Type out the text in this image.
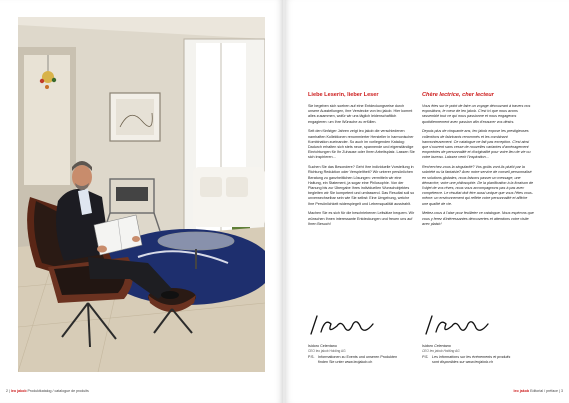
2 | leo jakob Produktkatalog / catalogue de produits
Liebe Leserin, lieber Leser

Sie begeben sich soeben auf eine Entdeckungsreise durch unsere Ausstellungen, ihre Verstecke von leo jakob. Hier kommt alles zusammen, wofür wir uns täglich leidenschaftlich engagieren: um Ihre Wünsche zu erfüllen.

Seit den fünfziger Jahren zeigt leo jakob die verschiedenen namhaften Kollektionen renommierter Hersteller in harmonischer Kombination zueinander. So auch im vorliegenden Katalog: Dadurch erhalten sich stets neue, spannende und eigenständige Einrichtungen für Ihr Zuhause oder Ihren Arbeitsplatz. Lassen Sie sich inspirieren…

Suchen Sie das Besondere? Geht Ihre individuelle Vorstellung in Richtung Reduktion oder Verspieltheit? Wir unterer persönlichen Beratung zu ganzheitlichen Lösungen: vermitteln wir eine Haltung, ein Statement, ja sogar eine Philosophie. Von der Planung bis zur Übergabe Ihres individuellen Wunschobjektes begleiten wir Sie kompetent und umfassend. Das Resultat soll so unverwechselbar sein wie Sie selbst: Eine Umgebung, welche Ihre Persönlichkeit widerspiegelt und Lebensqualität ausstrahlt.

Machen Sie es sich für die beschriebenen Leitsätze bequem. Wir wünschen Ihnen interessante Entdeckungen und freuen uns auf Ihren Besuch!

Chère lectrice, cher lecteur

Vous êtes sur le point de faire un voyage découvrant à travers nos expositions, le cœur de leo jakob. C'est ici que nous avons rassemblé tout ce qui nous passionne et nous engageons quotidiennement avec passion afin d'exaucer vos désirs.

Depuis plus de cinquante ans, leo jakob expose les prestigieuses collections de fabricants renommés et les combinant harmonieusement. Ce catalogue ne fait pas exception. C'est ainsi que s'ouvrent sans cesse de nouvelles variantes d'aménagement empreintes de personnalité et d'originalité pour votre lieu de vie ou votre bureau. Laissez venir l'inspiration…

Recherchez-vous la singularité? Vos goûts vont-ils plutôt par la sobriété ou la fantaisie? Avec notre service de conseil personnalisé en solutions globales, nous faisons passer un message, une démarche, voire une philosophie. De la planification à la livraison de l'objet de vos rêves, nous vous accompagnons pas à pas avec compétence. Le résultat doit être aussi unique que vous l'êtes vous-même: un environnement qui reflète votre personnalité et affiche une qualité de vie.

Mettez-vous à l'aise pour feuilleter ce catalogue. Nous espérons que vous y ferez d'intéressantes découvertes et attendons votre visite avec plaisir!

Isidoro Celentano
CEO leo jakob Holding AG
Isidoro Celentano
CEO leo jakob Holding AG
P.S. Informationen zu Events und unseren Produkten finden Sie unter www.leojakob.ch
P.S. Les informations sur les événements et produits sont disponibles sur www.leojakob.ch
leo jakob Editorial / préface | 3
